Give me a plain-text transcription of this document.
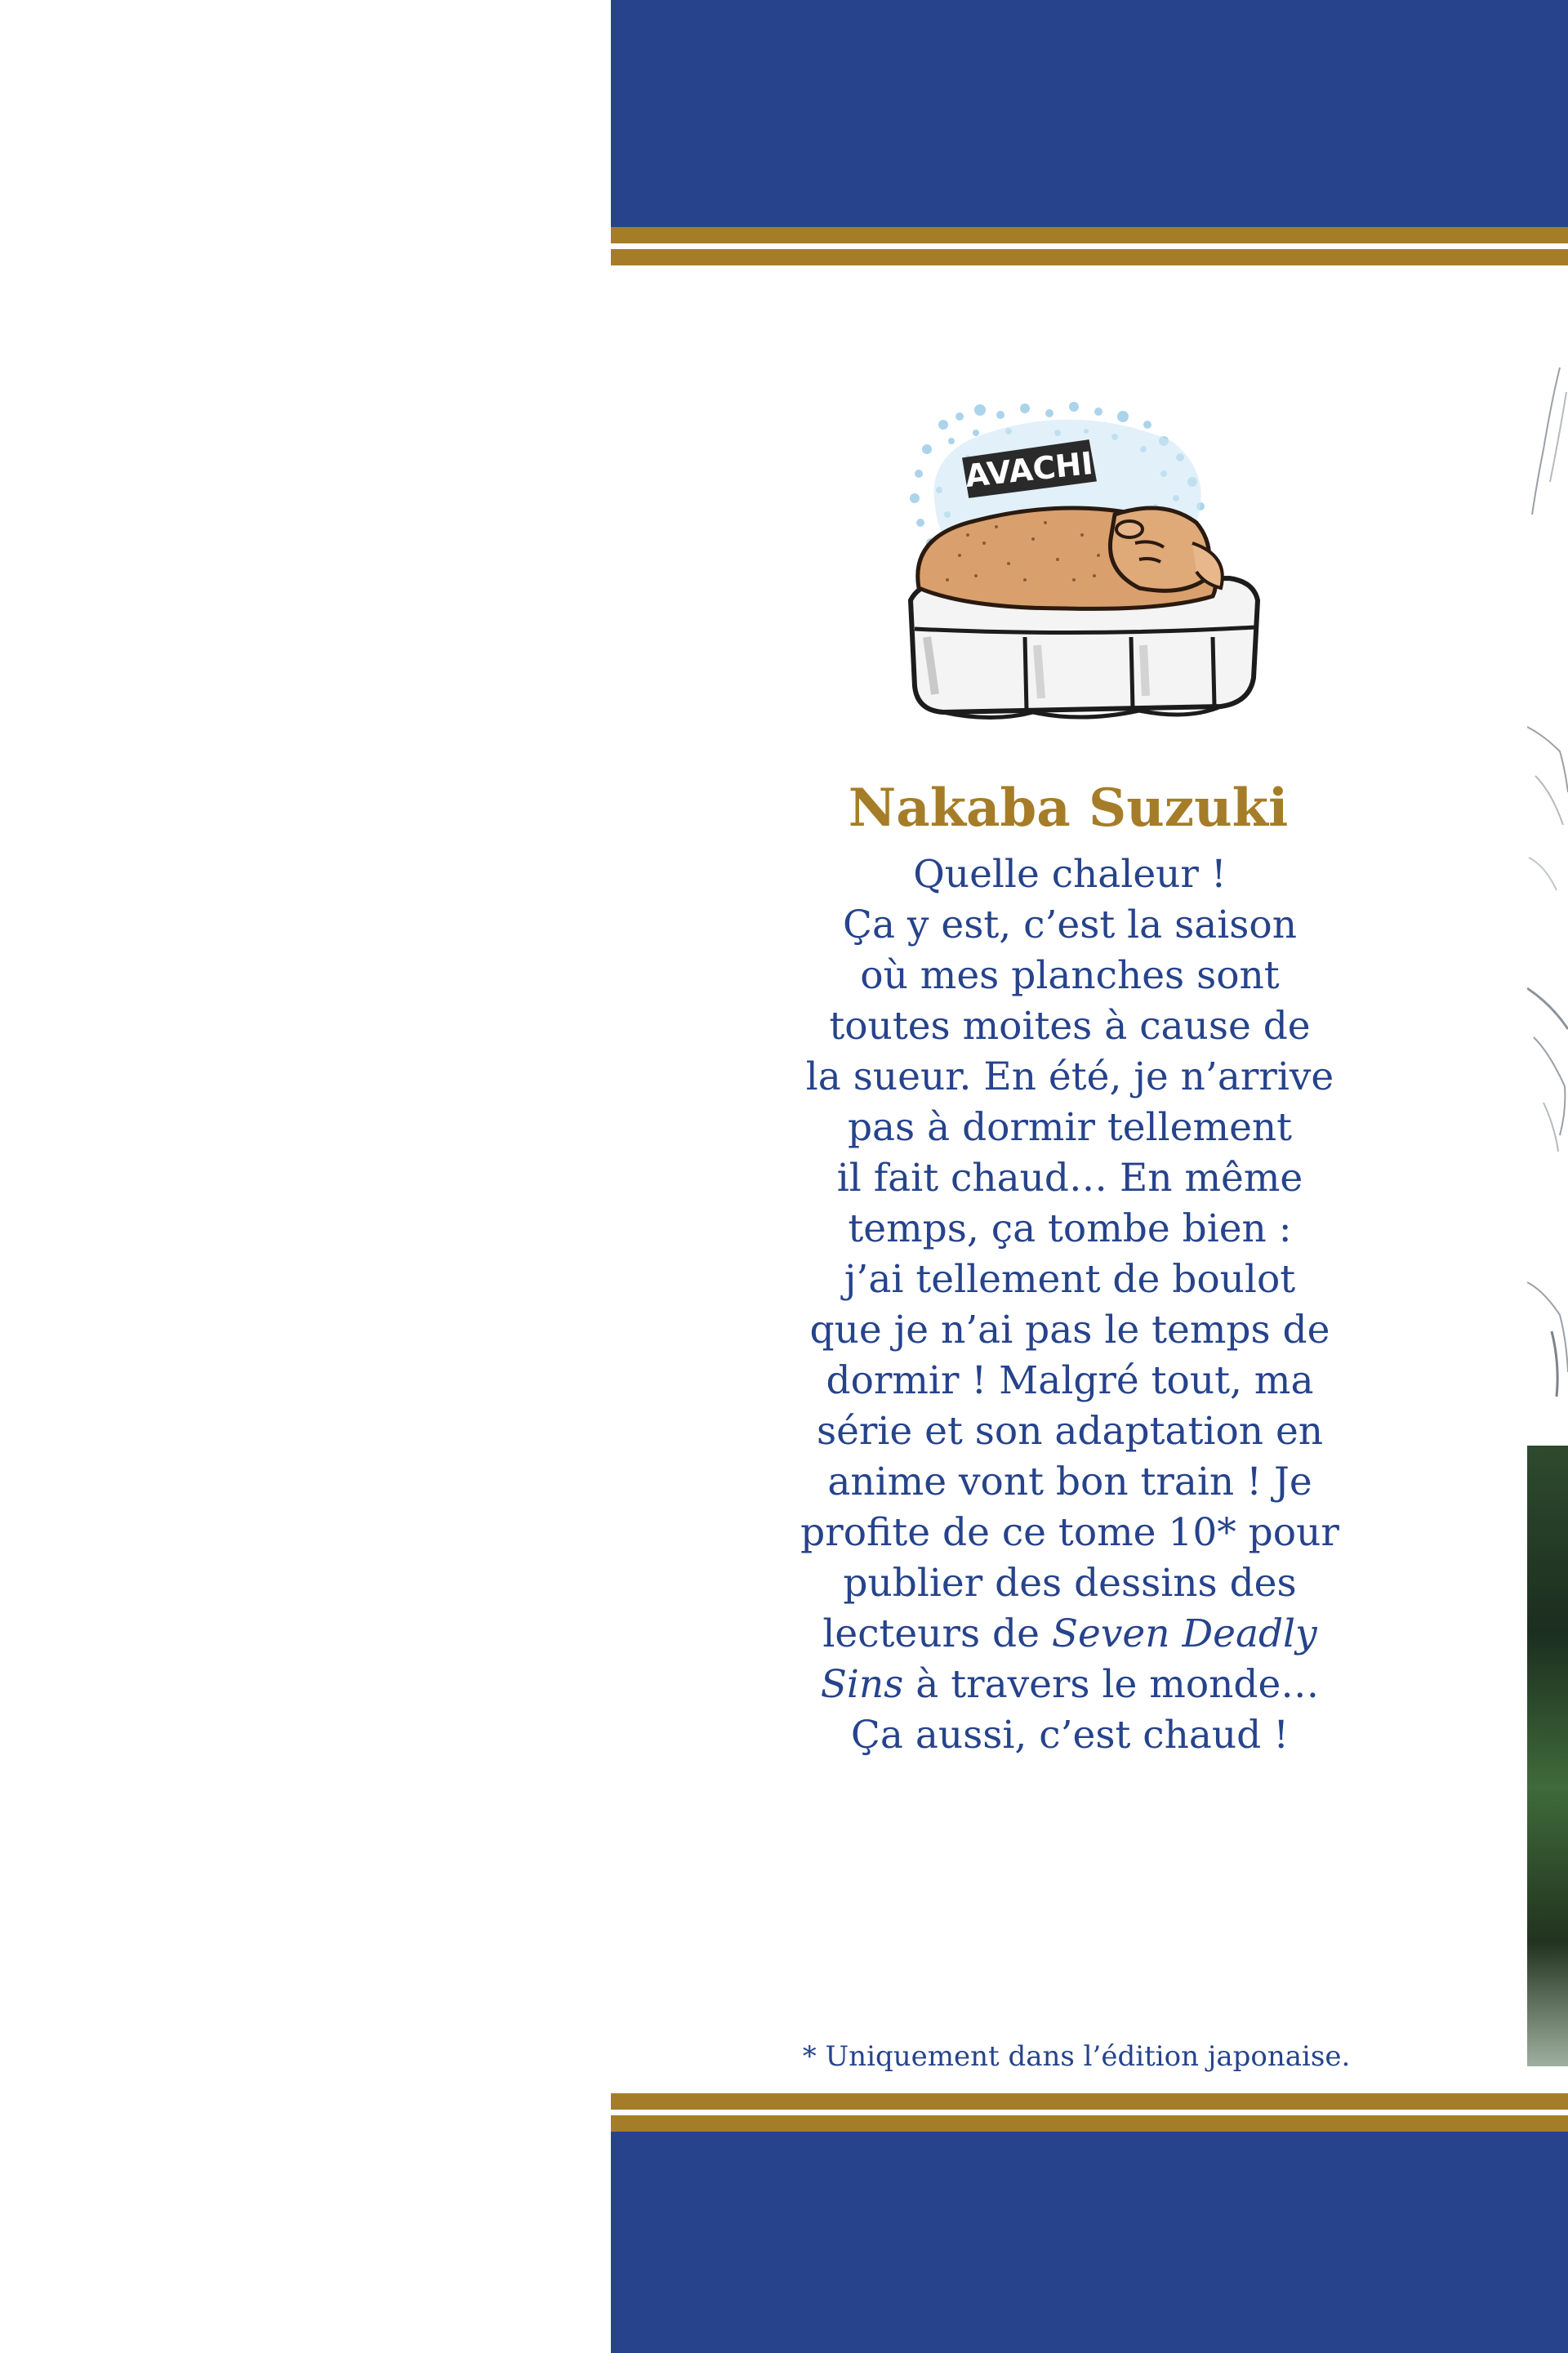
AVACHI
Nakaba Suzuki
Quelle chaleur !
Ça y est, c’est la saison
où mes planches sont
toutes moites à cause de
la sueur. En été, je n’arrive
pas à dormir tellement
il fait chaud… En même
temps, ça tombe bien :
j’ai tellement de boulot
que je n’ai pas le temps de
dormir ! Malgré tout, ma
série et son adaptation en
anime vont bon train ! Je
profite de ce tome 10* pour
publier des dessins des
lecteurs de Seven Deadly
Sins à travers le monde…
Ça aussi, c’est chaud !
* Uniquement dans l’édition japonaise.
